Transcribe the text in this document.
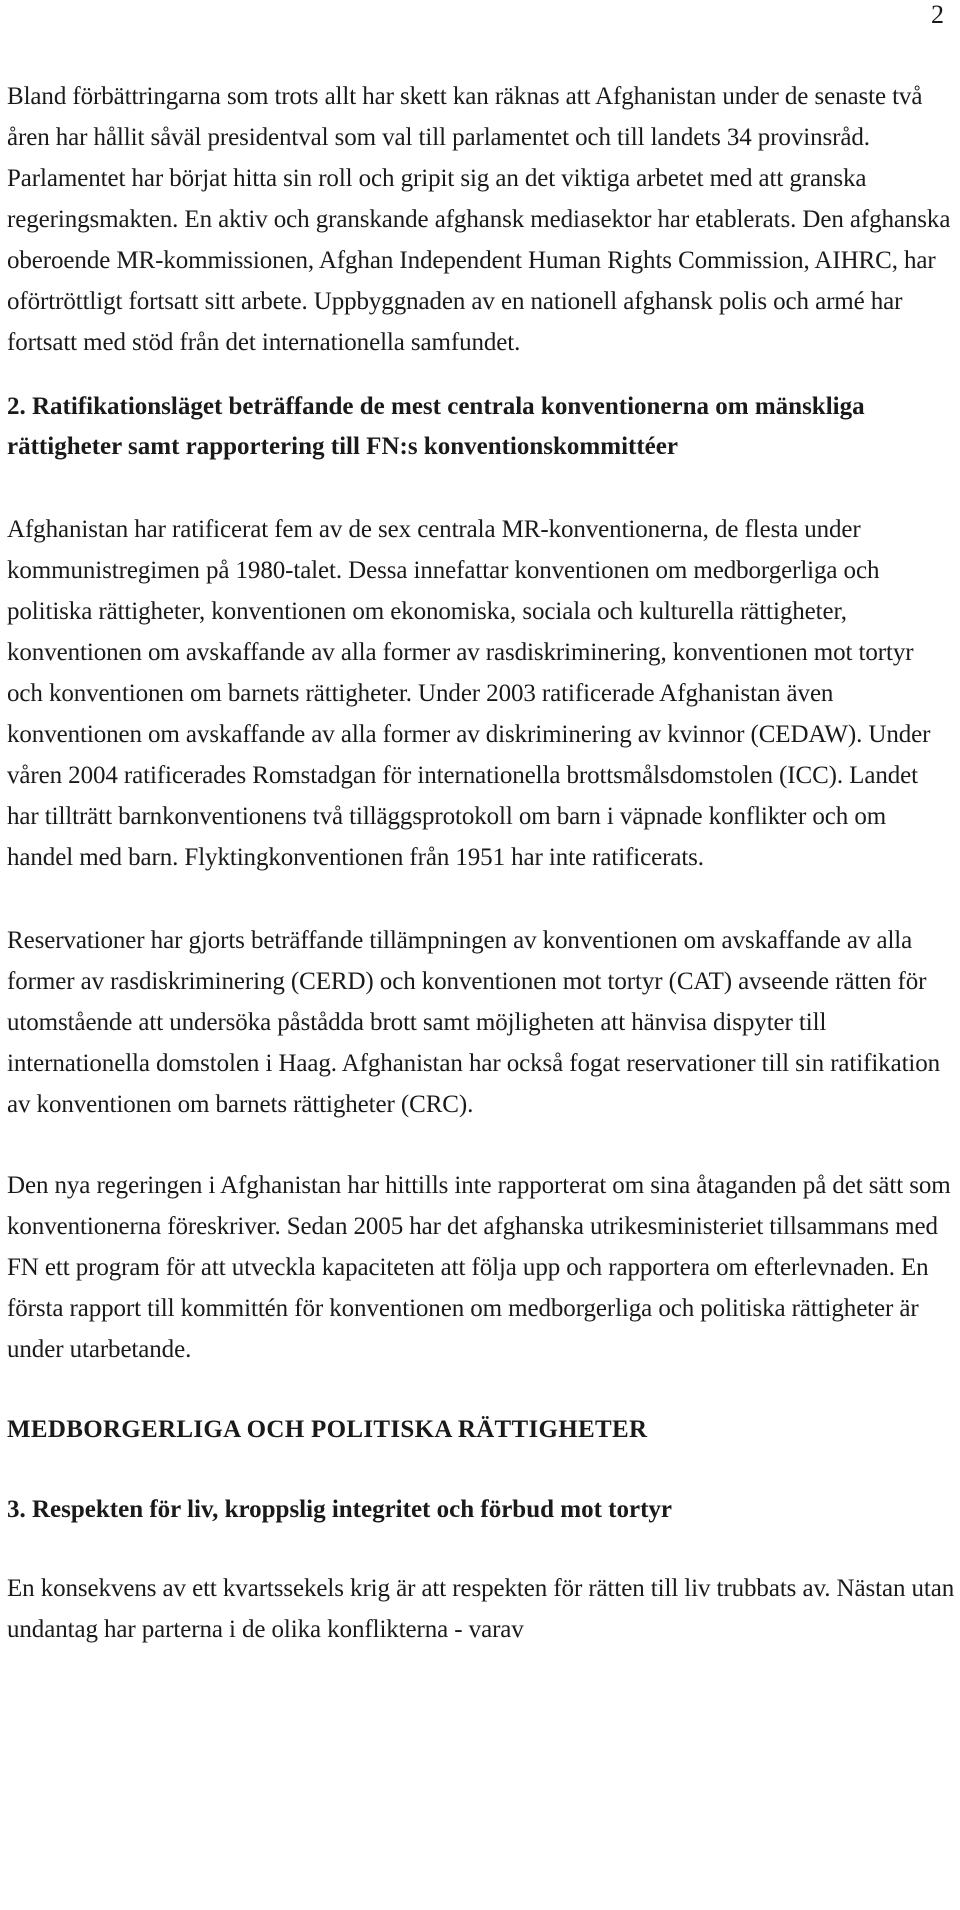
2

Bland förbättringarna som trots allt har skett kan räknas att Afghanistan under de senaste två åren har hållit såväl presidentval som val till parlamentet och till landets 34 provinsråd. Parlamentet har börjat hitta sin roll och gripit sig an det viktiga arbetet med att granska regeringsmakten. En aktiv och granskande afghansk mediasektor har etablerats. Den afghanska oberoende MR-kommissionen, Afghan Independent Human Rights Commission, AIHRC, har oförtröttligt fortsatt sitt arbete. Uppbyggnaden av en nationell afghansk polis och armé har fortsatt med stöd från det internationella samfundet.

2. Ratifikationsläget beträffande de mest centrala konventionerna om mänskliga rättigheter samt rapportering till FN:s konventionskommittéer

Afghanistan har ratificerat fem av de sex centrala MR-konventionerna, de flesta under kommunistregimen på 1980-talet. Dessa innefattar konventionen om medborgerliga och politiska rättigheter, konventionen om ekonomiska, sociala och kulturella rättigheter, konventionen om avskaffande av alla former av rasdiskriminering, konventionen mot tortyr och konventionen om barnets rättigheter. Under 2003 ratificerade Afghanistan även konventionen om avskaffande av alla former av diskriminering av kvinnor (CEDAW). Under våren 2004 ratificerades Romstadgan för internationella brottsmålsdomstolen (ICC). Landet har tillträtt barnkonventionens två tilläggsprotokoll om barn i väpnade konflikter och om handel med barn. Flyktingkonventionen från 1951 har inte ratificerats.

Reservationer har gjorts beträffande tillämpningen av konventionen om avskaffande av alla former av rasdiskriminering (CERD) och konventionen mot tortyr (CAT) avseende rätten för utomstående att undersöka påstådda brott samt möjligheten att hänvisa dispyter till internationella domstolen i Haag. Afghanistan har också fogat reservationer till sin ratifikation av konventionen om barnets rättigheter (CRC).

Den nya regeringen i Afghanistan har hittills inte rapporterat om sina åtaganden på det sätt som konventionerna föreskriver. Sedan 2005 har det afghanska utrikesministeriet tillsammans med FN ett program för att utveckla kapaciteten att följa upp och rapportera om efterlevnaden. En första rapport till kommittén för konventionen om medborgerliga och politiska rättigheter är under utarbetande.

MEDBORGERLIGA OCH POLITISKA RÄTTIGHETER
3. Respekten för liv, kroppslig integritet och förbud mot tortyr

En konsekvens av ett kvartssekels krig är att respekten för rätten till liv trubbats av. Nästan utan undantag har parterna i de olika konflikterna - varav
